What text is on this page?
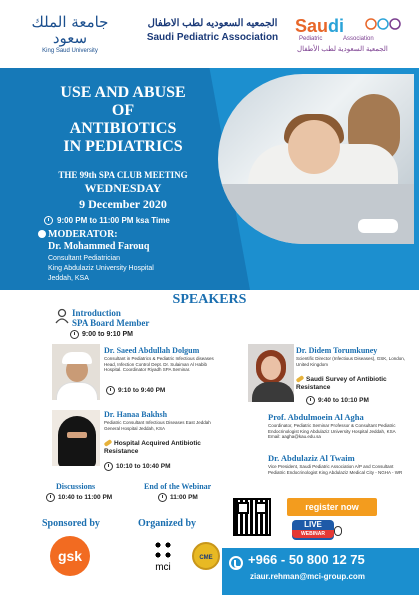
جامعة الملك سعود
King Saud University
الجمعيه السعوديه لطب الاطفال
Saudi Pediatric Association
Saudi
Pediatric	Association
الجمعية السعودية لطب الأطفال
USE AND ABUSE
OF
ANTIBIOTICS
IN PEDIATRICS
THE 99th SPA CLUB MEETING
WEDNESDAY
9 December 2020
9:00 PM to 11:00 PM ksa Time
MODERATOR:
Dr. Mohammed Farouq
Consultant Pediatrician
King Abdulaziz University Hospital
Jeddah, KSA
SPEAKERS
Introduction
SPA Board Member
9:00 to 9:10 PM
Dr. Saeed Abdullah Dolgum
Consultant in Pediatrics & Pediatric Infectious diseases Head, Infection Control Dept. Dr. Sulaiman Al Habib Hospital. Coordinator Riyadh SPA Seminar.
9:10 to 9:40 PM
Dr. Didem Torumkuney
Scientific Director (Infectious Diseases), GSK, London, United Kingdom
Saudi Survey of Antibiotic Resistance
9:40 to 10:10 PM
Dr. Hanaa Bakhsh
Pediatric Consultant Infectious Diseases East Jeddah General Hospital Jeddah, KSA
Hospital Acquired Antibiotic Resistance
10:10 to 10:40 PM
Prof. Abdulmoein Al Agha
Coordinator, Pediatric Seminar Professor & Consultant Pediatric Endocrinologist King Abdulaziz University Hospital Jeddah, KSA Email: aagha@kau.edu.sa
Dr. Abdulaziz Al Twaim
Vice President, Saudi Pediatric Association A/P and Consultant Pediatric Endocrinologist King Abdulaziz Medical City - NGHA - WR
Discussions
10:40 to 11:00 PM
End of the Webinar
11:00 PM
register now
LIVE
WEBINAR
Sponsored by	Organized by
gsk
mci
CME	+966 - 50 800 12 75
ziaur.rehman@mci-group.com
